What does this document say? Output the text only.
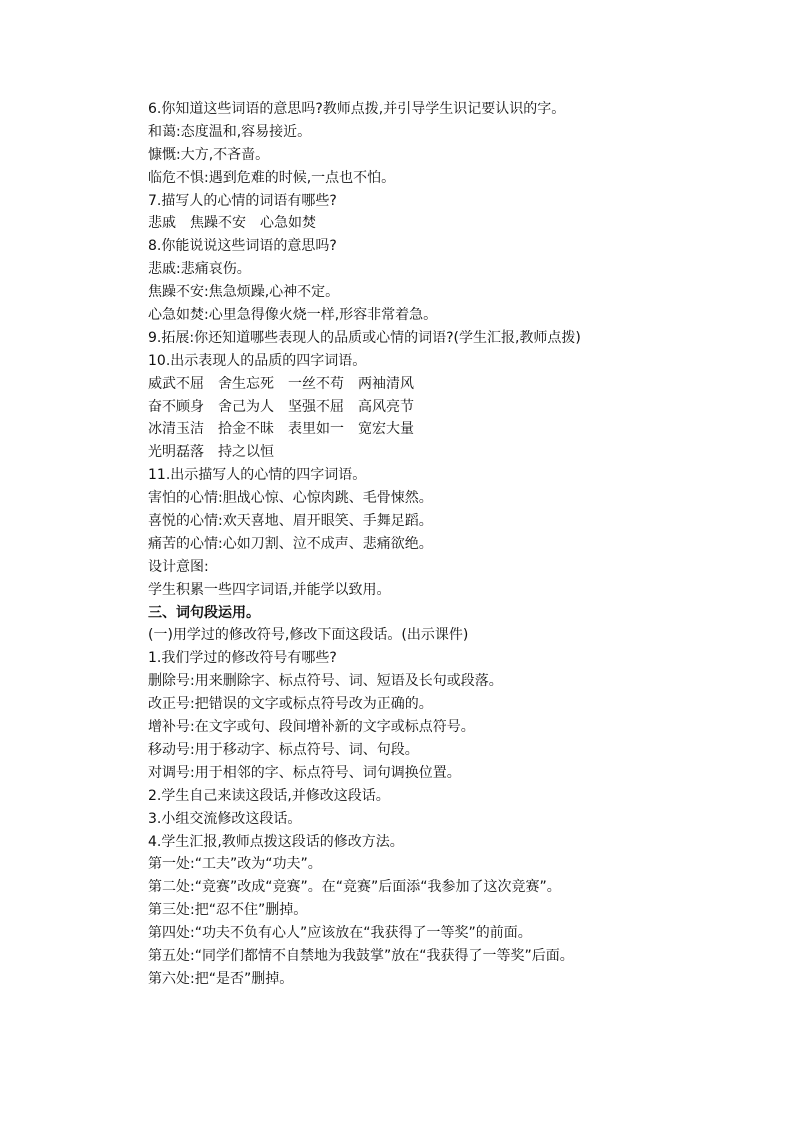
6.你知道这些词语的意思吗?教师点拨,并引导学生识记要认识的字。
和蔼:态度温和,容易接近。
慷慨:大方,不吝啬。
临危不惧:遇到危难的时候,一点也不怕。
7.描写人的心情的词语有哪些?
悲戚　焦躁不安　心急如焚
8.你能说说这些词语的意思吗?
悲戚:悲痛哀伤。
焦躁不安:焦急烦躁,心神不定。
心急如焚:心里急得像火烧一样,形容非常着急。
9.拓展:你还知道哪些表现人的品质或心情的词语?(学生汇报,教师点拨)
10.出示表现人的品质的四字词语。
威武不屈　舍生忘死　一丝不苟　两袖清风
奋不顾身　舍己为人　坚强不屈　高风亮节
冰清玉洁　拾金不昧　表里如一　宽宏大量
光明磊落　持之以恒
11.出示描写人的心情的四字词语。
害怕的心情:胆战心惊、心惊肉跳、毛骨悚然。
喜悦的心情:欢天喜地、眉开眼笑、手舞足蹈。
痛苦的心情:心如刀割、泣不成声、悲痛欲绝。
设计意图:
学生积累一些四字词语,并能学以致用。
三、词句段运用。
(一)用学过的修改符号,修改下面这段话。(出示课件)
1.我们学过的修改符号有哪些?
删除号:用来删除字、标点符号、词、短语及长句或段落。
改正号:把错误的文字或标点符号改为正确的。
增补号:在文字或句、段间增补新的文字或标点符号。
移动号:用于移动字、标点符号、词、句段。
对调号:用于相邻的字、标点符号、词句调换位置。
2.学生自己来读这段话,并修改这段话。
3.小组交流修改这段话。
4.学生汇报,教师点拨这段话的修改方法。
第一处:“工夫”改为“功夫”。
第二处:“竞赛”改成“竞赛”。在“竞赛”后面添“我参加了这次竞赛”。
第三处:把“忍不住”删掉。
第四处:“功夫不负有心人”应该放在“我获得了一等奖”的前面。
第五处:“同学们都情不自禁地为我鼓掌”放在“我获得了一等奖”后面。
第六处:把“是否”删掉。
